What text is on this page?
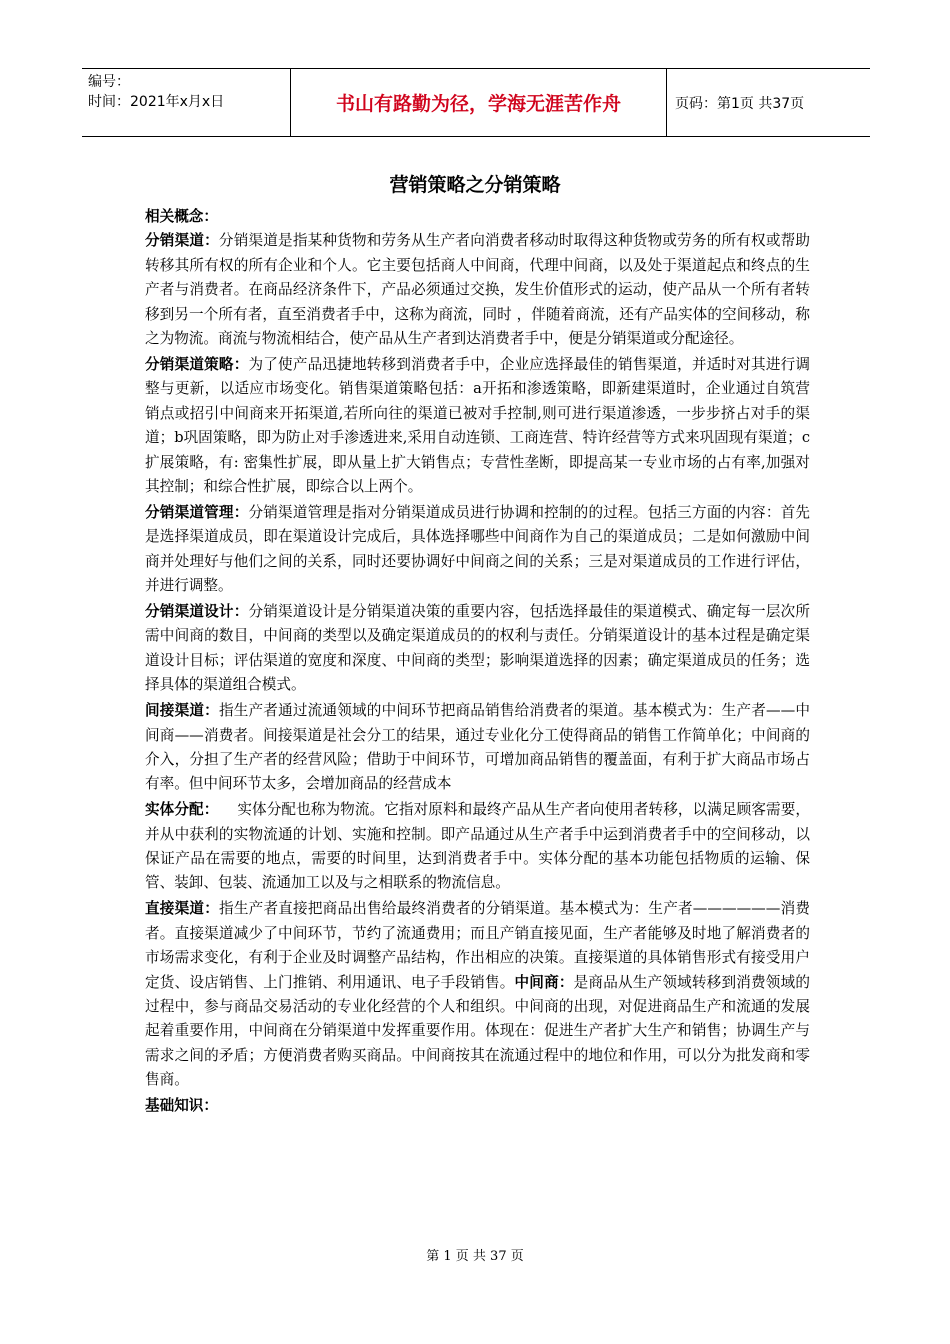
编号：
时间：2021年x月x日	书山有路勤为径，学海无涯苦作舟	页码：第1页 共37页
营销策略之分销策略
相关概念：

分销渠道：分销渠道是指某种货物和劳务从生产者向消费者移动时取得这种货物或劳务的所有权或帮助转移其所有权的所有企业和个人。它主要包括商人中间商，代理中间商，以及处于渠道起点和终点的生产者与消费者。在商品经济条件下，产品必须通过交换，发生价值形式的运动，使产品从一个所有者转移到另一个所有者，直至消费者手中，这称为商流，同时 ，伴随着商流，还有产品实体的空间移动，称之为物流。商流与物流相结合，使产品从生产者到达消费者手中，便是分销渠道或分配途径。

分销渠道策略：为了使产品迅捷地转移到消费者手中，企业应选择最佳的销售渠道，并适时对其进行调整与更新，以适应市场变化。销售渠道策略包括：a开拓和渗透策略，即新建渠道时，企业通过自筑营销点或招引中间商来开拓渠道,若所向往的渠道已被对手控制,则可进行渠道渗透，一步步挤占对手的渠道；b巩固策略，即为防止对手渗透进来,采用自动连锁、工商连营、特许经营等方式来巩固现有渠道；c扩展策略，有: 密集性扩展，即从量上扩大销售点；专营性垄断，即提高某一专业市场的占有率,加强对其控制；和综合性扩展，即综合以上两个。

分销渠道管理：分销渠道管理是指对分销渠道成员进行协调和控制的的过程。包括三方面的内容：首先是选择渠道成员，即在渠道设计完成后，具体选择哪些中间商作为自己的渠道成员；二是如何激励中间商并处理好与他们之间的关系，同时还要协调好中间商之间的关系；三是对渠道成员的工作进行评估，并进行调整。

分销渠道设计：分销渠道设计是分销渠道决策的重要内容，包括选择最佳的渠道模式、确定每一层次所需中间商的数目，中间商的类型以及确定渠道成员的的权利与责任。分销渠道设计的基本过程是确定渠道设计目标；评估渠道的宽度和深度、中间商的类型；影响渠道选择的因素；确定渠道成员的任务；选择具体的渠道组合模式。

间接渠道：指生产者通过流通领域的中间环节把商品销售给消费者的渠道。基本模式为：生产者——中间商——消费者。间接渠道是社会分工的结果，通过专业化分工使得商品的销售工作简单化；中间商的介入，分担了生产者的经营风险；借助于中间环节，可增加商品销售的覆盖面，有利于扩大商品市场占有率。但中间环节太多，会增加商品的经营成本

实体分配：    实体分配也称为物流。它指对原料和最终产品从生产者向使用者转移，以满足顾客需要，并从中获利的实物流通的计划、实施和控制。即产品通过从生产者手中运到消费者手中的空间移动，以保证产品在需要的地点，需要的时间里，达到消费者手中。实体分配的基本功能包括物质的运输、保管、装卸、包装、流通加工以及与之相联系的物流信息。

直接渠道：指生产者直接把商品出售给最终消费者的分销渠道。基本模式为：生产者——————消费者。直接渠道减少了中间环节，节约了流通费用；而且产销直接见面，生产者能够及时地了解消费者的市场需求变化，有利于企业及时调整产品结构，作出相应的决策。直接渠道的具体销售形式有接受用户定货、设店销售、上门推销、利用通讯、电子手段销售。中间商：是商品从生产领域转移到消费领域的过程中，参与商品交易活动的专业化经营的个人和组织。中间商的出现，对促进商品生产和流通的发展起着重要作用，中间商在分销渠道中发挥重要作用。体现在：促进生产者扩大生产和销售；协调生产与需求之间的矛盾；方便消费者购买商品。中间商按其在流通过程中的地位和作用，可以分为批发商和零售商。

基础知识：
第 1 页 共 37 页
